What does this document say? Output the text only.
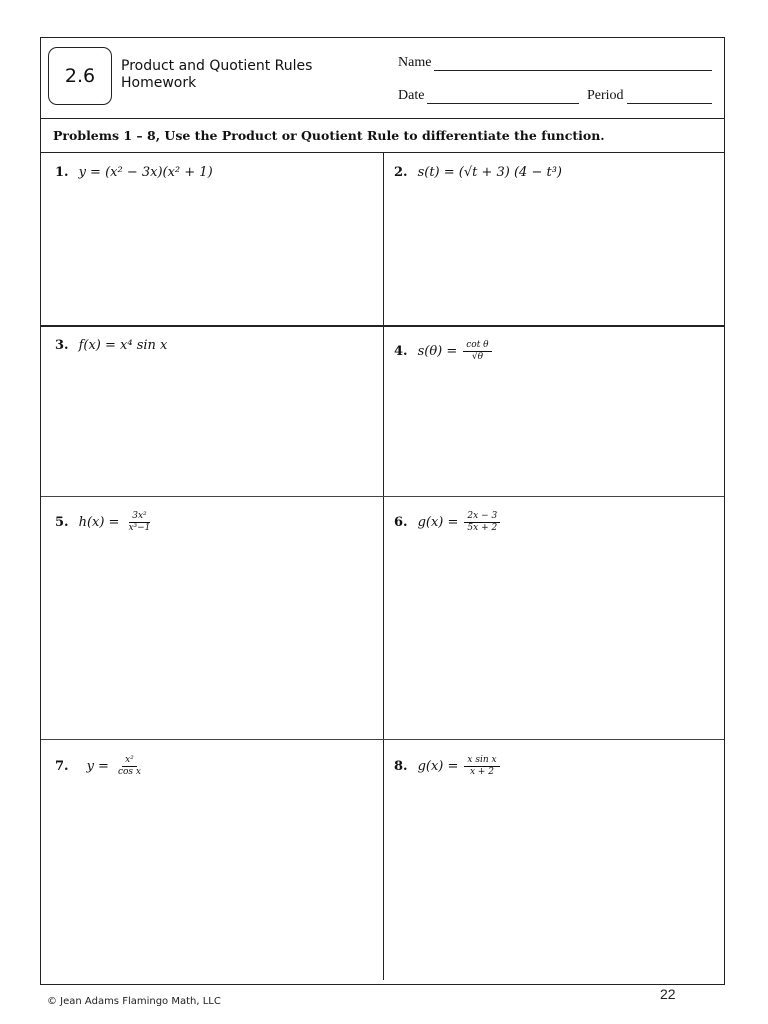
2.6 Product and Quotient Rules
Homework
Name
Date	Period
Problems 1 – 8, Use the Product or Quotient Rule to differentiate the function.
1. y = (x² − 3x)(x² + 1)	2. s(t) = (√t + 3) (4 − t³)
3. f(x) = x⁴ sin x	4. $s(\theta) = \frac{\text{cot θ}}{√\theta}$
5. $h(x) = \frac{\text{3x²}}{\text{x³−1}}$	6. $g(x) = \frac{2x - 3}{5x + 2}$
7. $y = \frac{\text{x²}}{\text{cos x}}$	8. $g(x) = \frac{\text{x sin x}}{x + 2}$
22
© Jean Adams Flamingo Math, LLC
